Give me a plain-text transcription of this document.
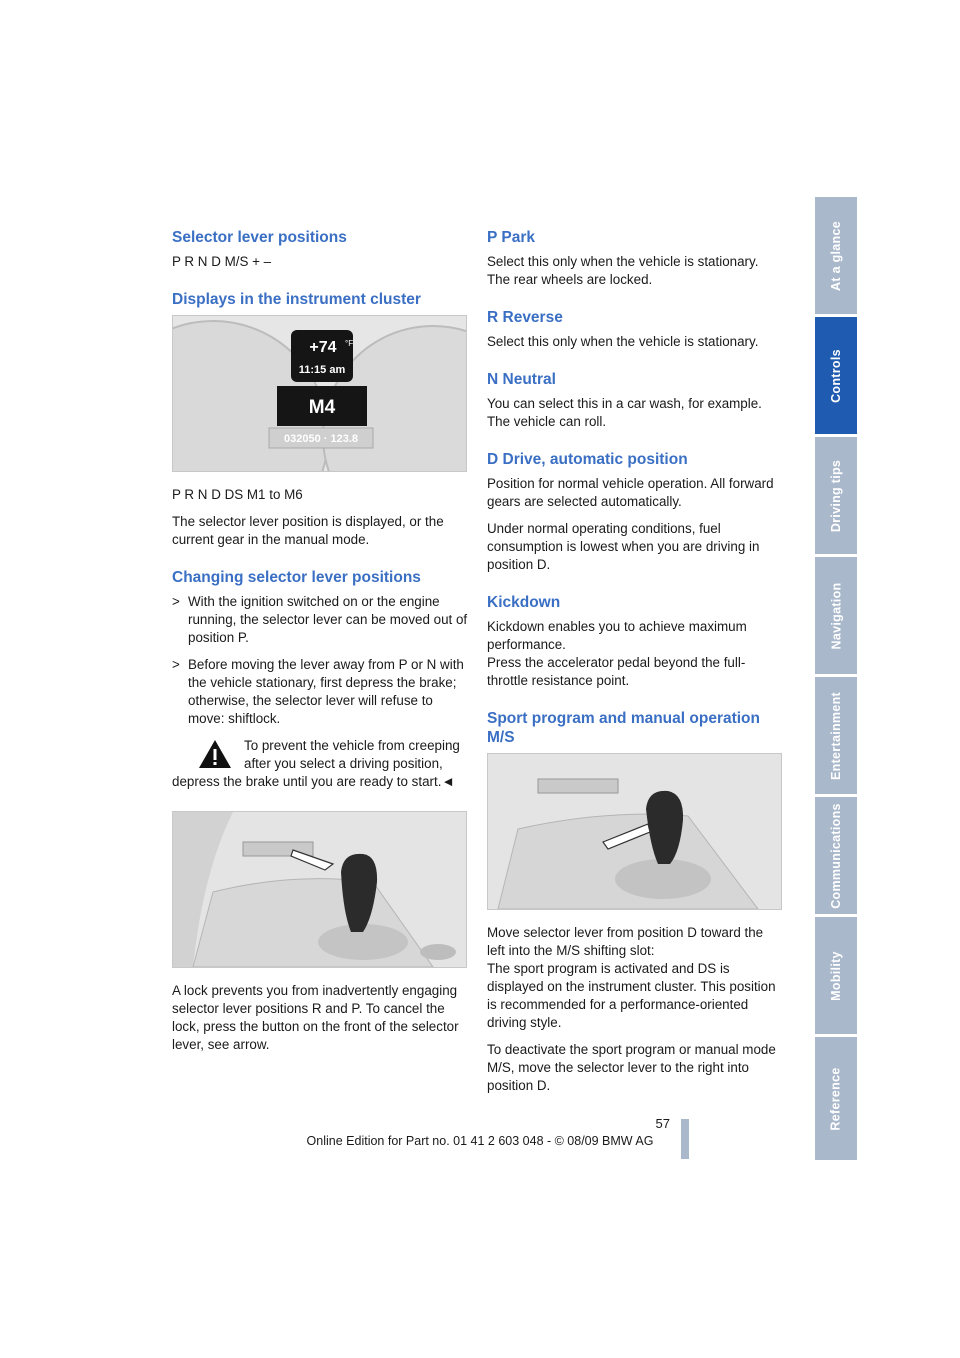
Selector lever positions

P R N D M/S + –

Displays in the instrument cluster
+74 °F
11:15 am
M4
032050 · 123.8

P R N D DS M1 to M6

The selector lever position is displayed, or the current gear in the manual mode.

Changing selector lever positions
> With the ignition switched on or the engine running, the selector lever can be moved out of position P.
> Before moving the lever away from P or N with the vehicle stationary, first depress the brake; otherwise, the selector lever will refuse to move: shiftlock.
To prevent the vehicle from creeping after you select a driving position, depress the brake until you are ready to start.◄

A lock prevents you from inadvertently engaging selector lever positions R and P. To cancel the lock, press the button on the front of the selector lever, see arrow.

P Park

Select this only when the vehicle is stationary. The rear wheels are locked.

R Reverse

Select this only when the vehicle is stationary.

N Neutral

You can select this in a car wash, for example. The vehicle can roll.

D Drive, automatic position

Position for normal vehicle operation. All forward gears are selected automatically.

Under normal operating conditions, fuel consumption is lowest when you are driving in position D.

Kickdown

Kickdown enables you to achieve maximum performance.

Press the accelerator pedal beyond the full-throttle resistance point.

Sport program and manual operation M/S

Move selector lever from position D toward the left into the M/S shifting slot:

The sport program is activated and DS is displayed on the instrument cluster. This position is recommended for a performance-oriented driving style.

To deactivate the sport program or manual mode M/S, move the selector lever to the right into position D.

At a glance
Controls
Driving tips
Navigation
Entertainment
Communications
Mobility
Reference
57
Online Edition for Part no. 01 41 2 603 048 - © 08/09 BMW AG
